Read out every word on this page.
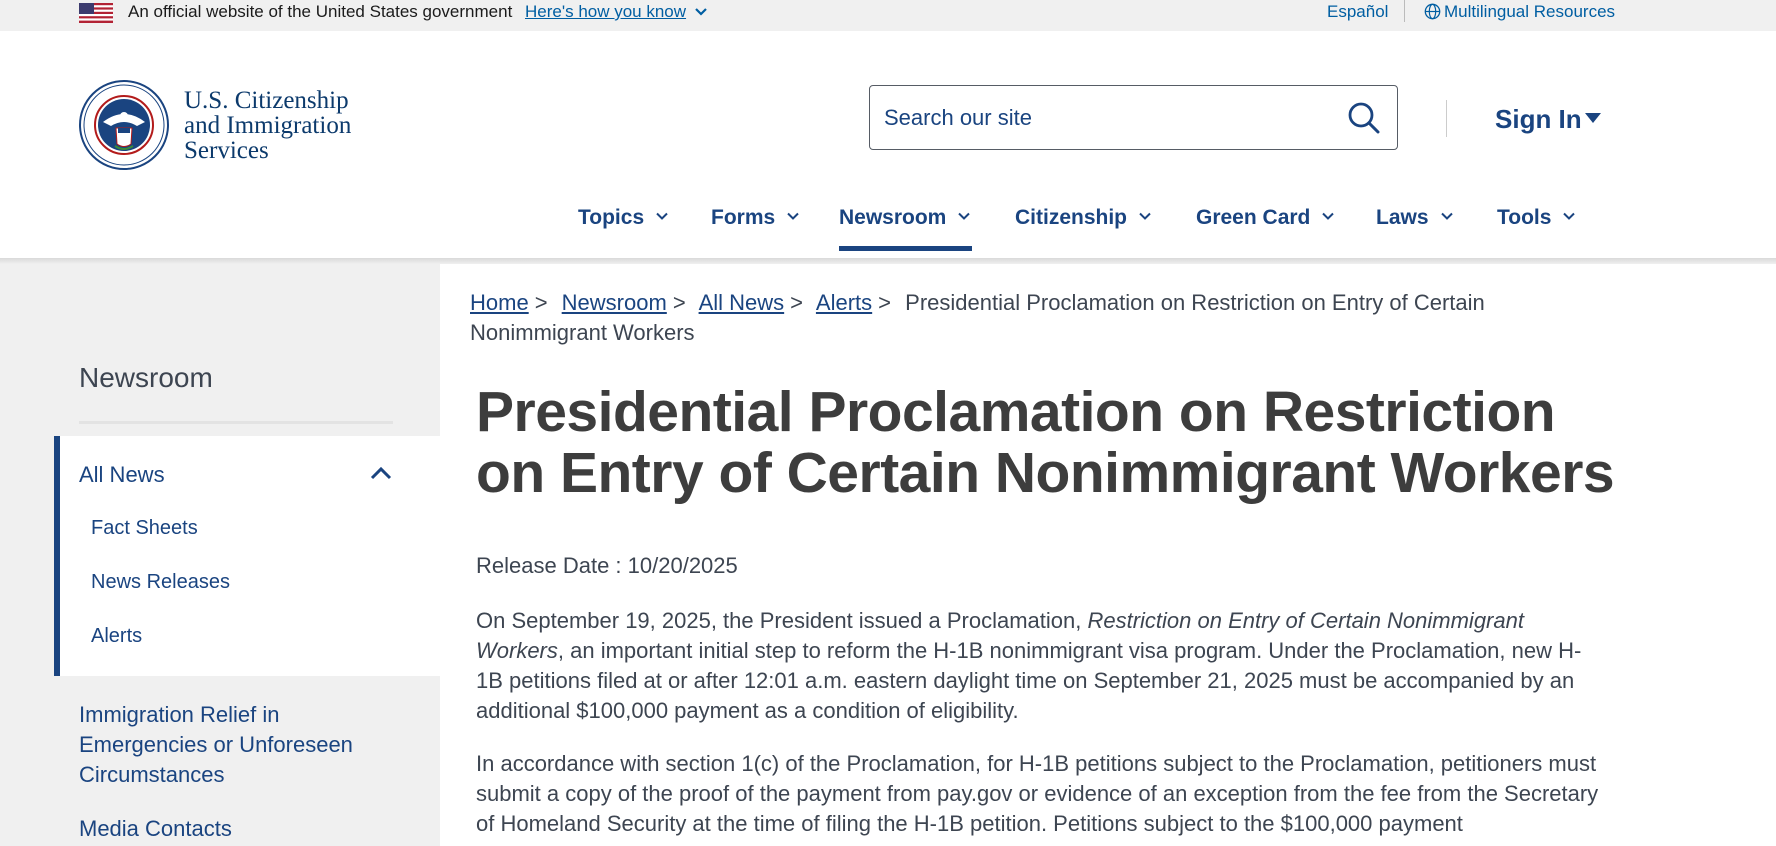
An official website of the United States government Here's how you know	Español	Multilingual Resources
U.S. Citizenship
and Immigration
Services
Search our site
Sign In
Topics	Forms	Newsroom	Citizenship	Green Card	Laws	Tools
Newsroom
All News
Fact Sheets
News Releases
Alerts
Immigration Relief in Emergencies or Unforeseen Circumstances
Media Contacts
Home > Newsroom > All News > Alerts > Presidential Proclamation on Restriction on Entry of Certain Nonimmigrant Workers
Presidential Proclamation on Restriction on Entry of Certain Nonimmigrant Workers
Release Date : 10/20/2025

On September 19, 2025, the President issued a Proclamation, Restriction on Entry of Certain Nonimmigrant Workers, an important initial step to reform the H-1B nonimmigrant visa program. Under the Proclamation, new H-1B petitions filed at or after 12:01 a.m. eastern daylight time on September 21, 2025 must be accompanied by an additional $100,000 payment as a condition of eligibility.

In accordance with section 1(c) of the Proclamation, for H-1B petitions subject to the Proclamation, petitioners must submit a copy of the proof of the payment from pay.gov or evidence of an exception from the fee from the Secretary of Homeland Security at the time of filing the H-1B petition. Petitions subject to the $100,000 payment
